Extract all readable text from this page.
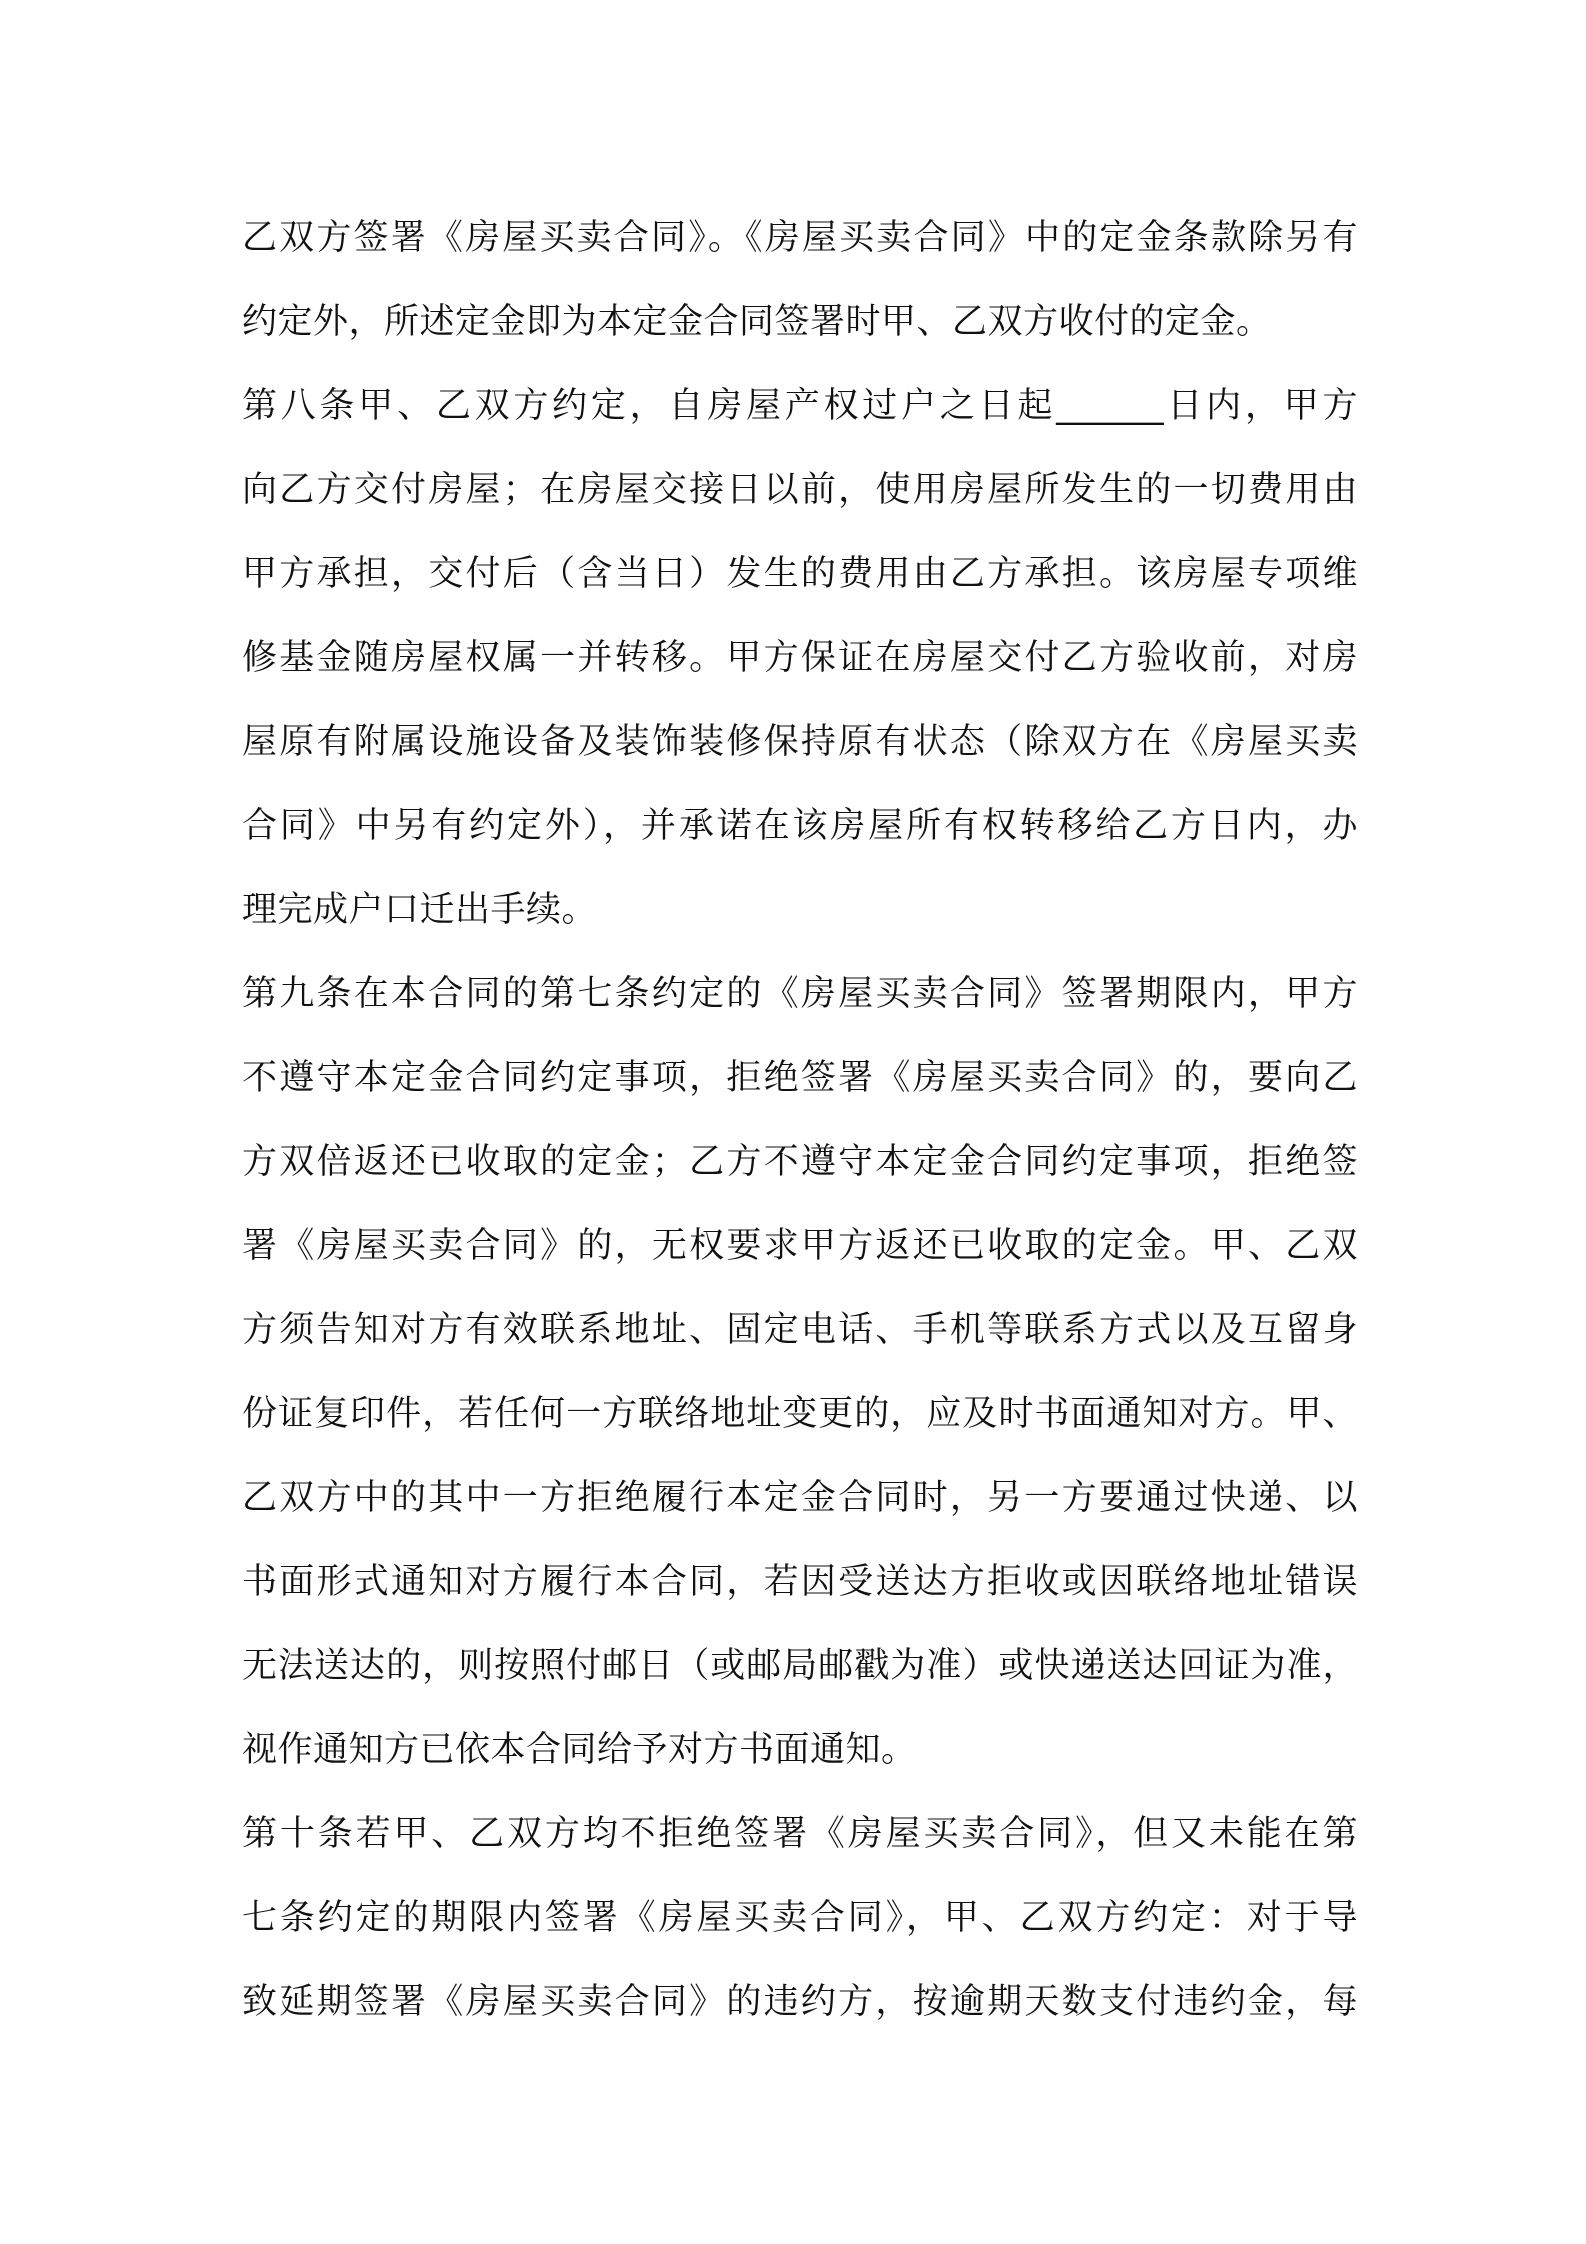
乙双方签署《房屋买卖合同》。《房屋买卖合同》中的定金条款除另有
约定外，所述定金即为本定金合同签署时甲、乙双方收付的定金。
第八条甲、乙双方约定，自房屋产权过户之日起______日内，甲方
向乙方交付房屋；在房屋交接日以前，使用房屋所发生的一切费用由
甲方承担，交付后（含当日）发生的费用由乙方承担。该房屋专项维
修基金随房屋权属一并转移。甲方保证在房屋交付乙方验收前，对房
屋原有附属设施设备及装饰装修保持原有状态（除双方在《房屋买卖
合同》中另有约定外），并承诺在该房屋所有权转移给乙方日内，办
理完成户口迁出手续。
第九条在本合同的第七条约定的《房屋买卖合同》签署期限内，甲方
不遵守本定金合同约定事项，拒绝签署《房屋买卖合同》的，要向乙
方双倍返还已收取的定金；乙方不遵守本定金合同约定事项，拒绝签
署《房屋买卖合同》的，无权要求甲方返还已收取的定金。甲、乙双
方须告知对方有效联系地址、固定电话、手机等联系方式以及互留身
份证复印件，若任何一方联络地址变更的，应及时书面通知对方。甲、
乙双方中的其中一方拒绝履行本定金合同时，另一方要通过快递、以
书面形式通知对方履行本合同，若因受送达方拒收或因联络地址错误
无法送达的，则按照付邮日（或邮局邮戳为准）或快递送达回证为准，
视作通知方已依本合同给予对方书面通知。
第十条若甲、乙双方均不拒绝签署《房屋买卖合同》，但又未能在第
七条约定的期限内签署《房屋买卖合同》，甲、乙双方约定：对于导
致延期签署《房屋买卖合同》的违约方，按逾期天数支付违约金，每
